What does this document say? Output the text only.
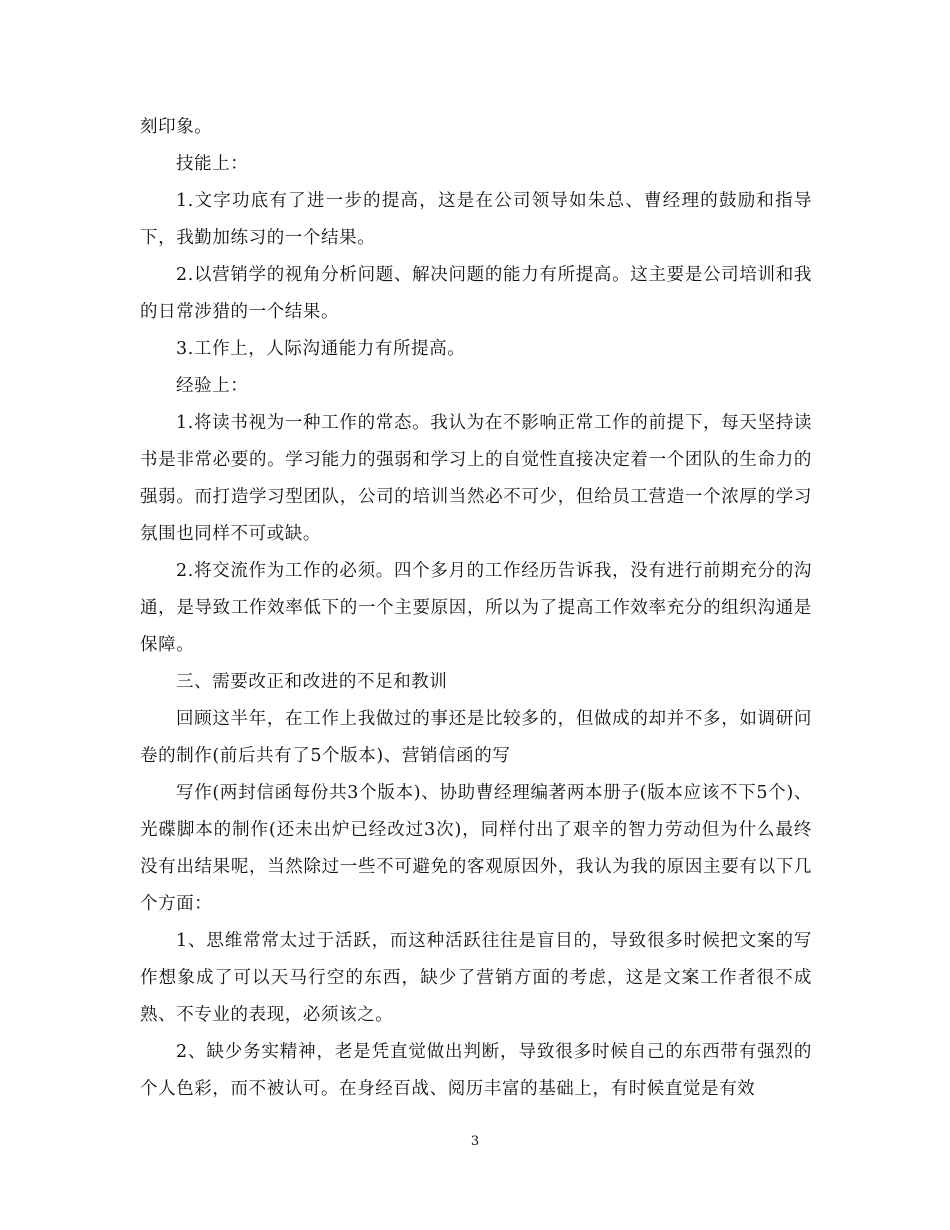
刻印象。

技能上：

1.文字功底有了进一步的提高，这是在公司领导如朱总、曹经理的鼓励和指导下，我勤加练习的一个结果。

2.以营销学的视角分析问题、解决问题的能力有所提高。这主要是公司培训和我的日常涉猎的一个结果。

3.工作上，人际沟通能力有所提高。

经验上：

1.将读书视为一种工作的常态。我认为在不影响正常工作的前提下，每天坚持读书是非常必要的。学习能力的强弱和学习上的自觉性直接决定着一个团队的生命力的强弱。而打造学习型团队，公司的培训当然必不可少，但给员工营造一个浓厚的学习氛围也同样不可或缺。

2.将交流作为工作的必须。四个多月的工作经历告诉我，没有进行前期充分的沟通，是导致工作效率低下的一个主要原因，所以为了提高工作效率充分的组织沟通是保障。

三、需要改正和改进的不足和教训

回顾这半年，在工作上我做过的事还是比较多的，但做成的却并不多，如调研问卷的制作(前后共有了5个版本)、营销信函的写

写作(两封信函每份共3个版本)、协助曹经理编著两本册子(版本应该不下5个)、光碟脚本的制作(还未出炉已经改过3次)，同样付出了艰辛的智力劳动但为什么最终没有出结果呢，当然除过一些不可避免的客观原因外，我认为我的原因主要有以下几个方面：

1、思维常常太过于活跃，而这种活跃往往是盲目的，导致很多时候把文案的写作想象成了可以天马行空的东西，缺少了营销方面的考虑，这是文案工作者很不成熟、不专业的表现，必须该之。

2、缺少务实精神，老是凭直觉做出判断，导致很多时候自己的东西带有强烈的个人色彩，而不被认可。在身经百战、阅历丰富的基础上，有时候直觉是有效

3
